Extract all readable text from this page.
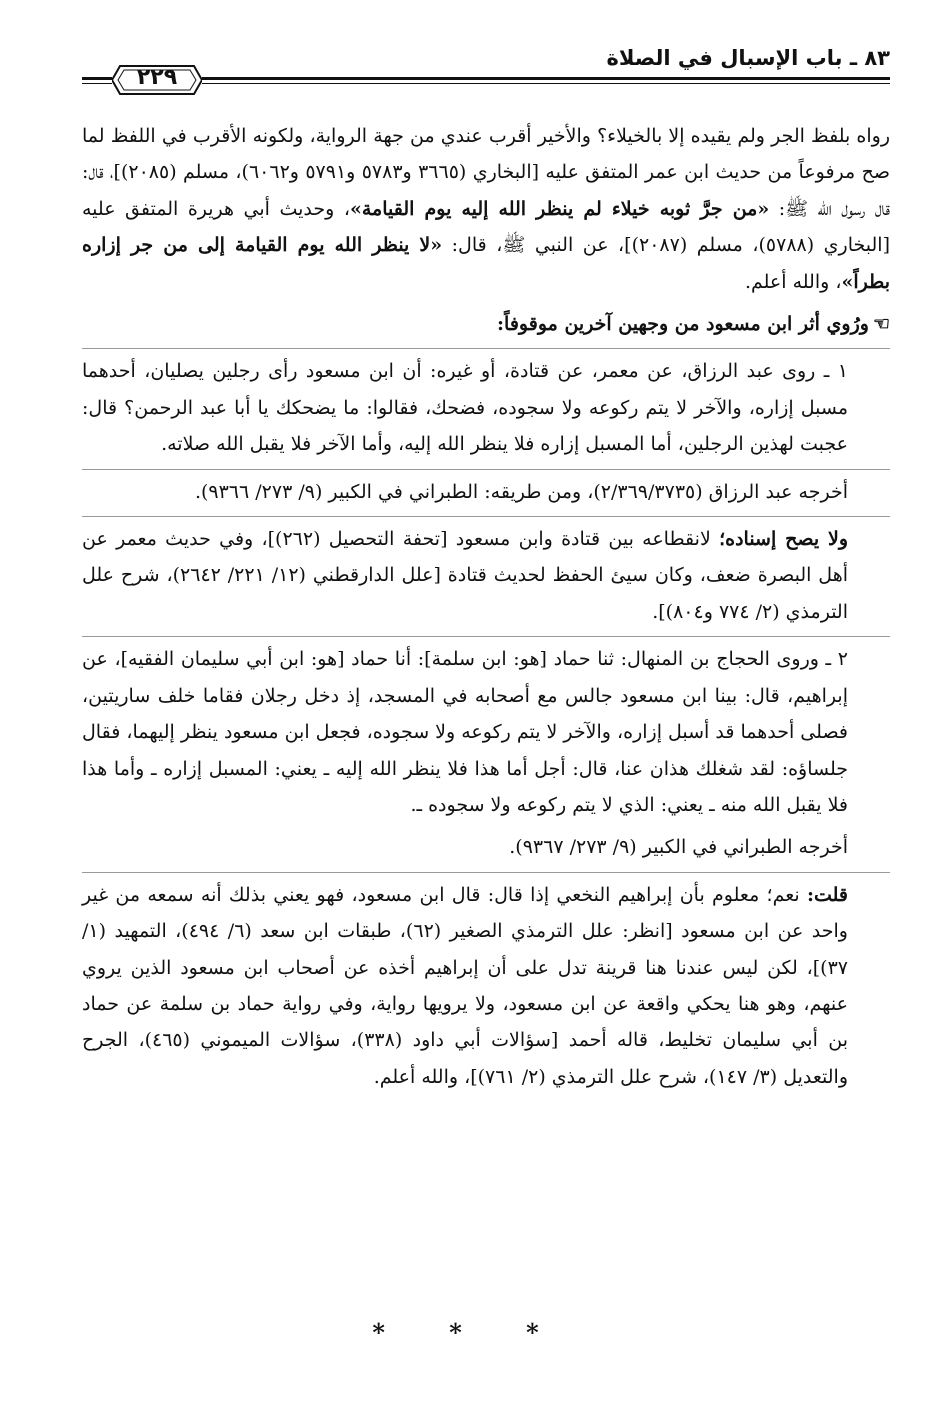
٨٣ ـ باب الإسبال في الصلاة
٢٢٩

رواه بلفظ الجر ولم يقيده إلا بالخيلاء؟ والأخير أقرب عندي من جهة الرواية، ولكونه الأقرب في اللفظ لما صح مرفوعاً من حديث ابن عمر المتفق عليه [البخاري (٣٦٦٥ و٥٧٨٣ و٥٧٩١ و٦٠٦٢)، مسلم (٢٠٨٥)]، قال: قال رسول الله ﷺ: «من جرَّ ثوبه خيلاء لم ينظر الله إليه يوم القيامة»، وحديث أبي هريرة المتفق عليه [البخاري (٥٧٨٨)، مسلم (٢٠٨٧)]، عن النبي ﷺ، قال: «لا ينظر الله يوم القيامة إلى من جر إزاره بطراً»، والله أعلم.

☜ورُوي أثر ابن مسعود من وجهين آخرين موقوفاً:

١ ـ روى عبد الرزاق، عن معمر، عن قتادة، أو غيره: أن ابن مسعود رأى رجلين يصليان، أحدهما مسبل إزاره، والآخر لا يتم ركوعه ولا سجوده، فضحك، فقالوا: ما يضحكك يا أبا عبد الرحمن؟ قال: عجبت لهذين الرجلين، أما المسبل إزاره فلا ينظر الله إليه، وأما الآخر فلا يقبل الله صلاته.

أخرجه عبد الرزاق (٢/٣٦٩/٣٧٣٥)، ومن طريقه: الطبراني في الكبير (٩/ ٢٧٣/ ٩٣٦٦).

ولا يصح إسناده؛ لانقطاعه بين قتادة وابن مسعود [تحفة التحصيل (٢٦٢)]، وفي حديث معمر عن أهل البصرة ضعف، وكان سيئ الحفظ لحديث قتادة [علل الدارقطني (١٢/ ٢٢١/ ٢٦٤٢)، شرح علل الترمذي (٢/ ٧٧٤ و٨٠٤)].

٢ ـ وروى الحجاج بن المنهال: ثنا حماد [هو: ابن سلمة]: أنا حماد [هو: ابن أبي سليمان الفقيه]، عن إبراهيم، قال: بينا ابن مسعود جالس مع أصحابه في المسجد، إذ دخل رجلان فقاما خلف ساريتين، فصلى أحدهما قد أسبل إزاره، والآخر لا يتم ركوعه ولا سجوده، فجعل ابن مسعود ينظر إليهما، فقال جلساؤه: لقد شغلك هذان عنا، قال: أجل أما هذا فلا ينظر الله إليه ـ يعني: المسبل إزاره ـ وأما هذا فلا يقبل الله منه ـ يعني: الذي لا يتم ركوعه ولا سجوده ـ.

أخرجه الطبراني في الكبير (٩/ ٢٧٣/ ٩٣٦٧).

قلت: نعم؛ معلوم بأن إبراهيم النخعي إذا قال: قال ابن مسعود، فهو يعني بذلك أنه سمعه من غير واحد عن ابن مسعود [انظر: علل الترمذي الصغير (٦٢)، طبقات ابن سعد (٦/ ٤٩٤)، التمهيد (١/ ٣٧)]، لكن ليس عندنا هنا قرينة تدل على أن إبراهيم أخذه عن أصحاب ابن مسعود الذين يروي عنهم، وهو هنا يحكي واقعة عن ابن مسعود، ولا يرويها رواية، وفي رواية حماد بن سلمة عن حماد بن أبي سليمان تخليط، قاله أحمد [سؤالات أبي داود (٣٣٨)، سؤالات الميموني (٤٦٥)، الجرح والتعديل (٣/ ١٤٧)، شرح علل الترمذي (٢/ ٧٦١)]، والله أعلم.

* * *
